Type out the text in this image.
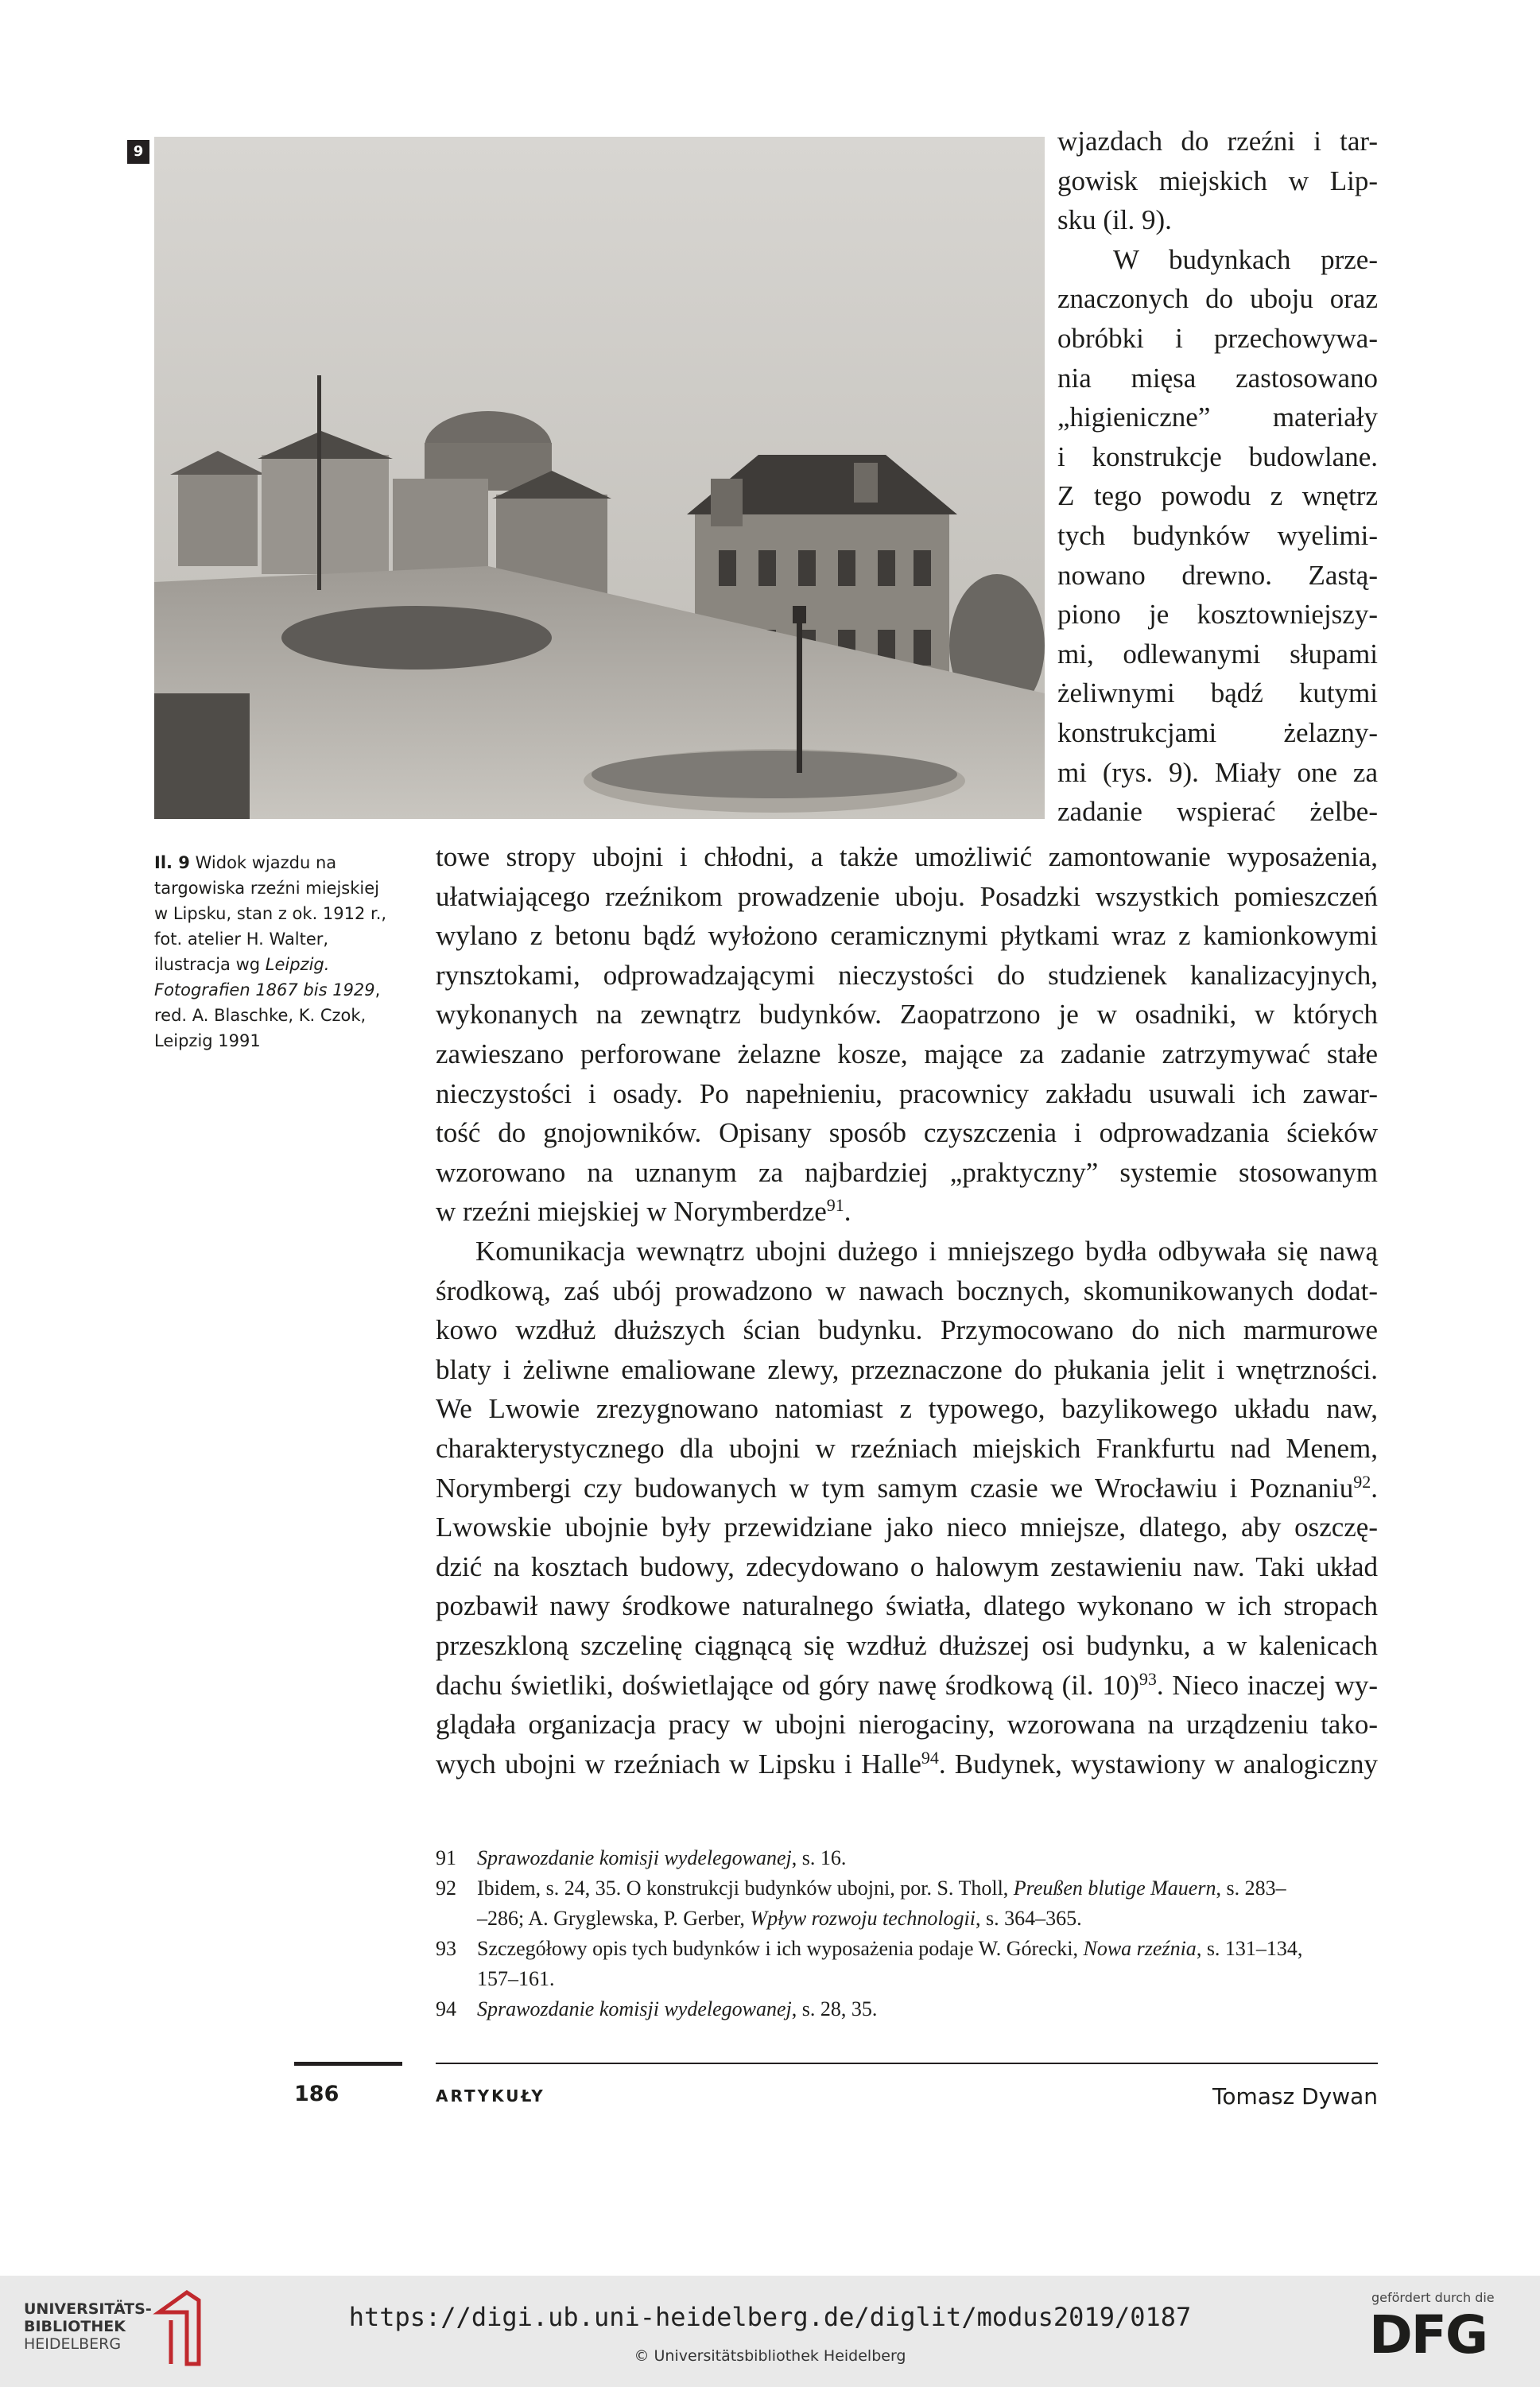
9
Il. 9 Widok wjazdu na targowiska rzeźni miejskiej w Lipsku, stan z ok. 1912 r., fot. atelier H. Walter, ilustracja wg Leipzig. Fotografien 1867 bis 1929, red. A. Blaschke, K. Czok, Leipzig 1991
wjazdach do rzeźni i tar-
gowisk miejskich w Lip-
sku (il. 9).
W budynkach prze-
znaczonych do uboju oraz
obróbki i przechowywa-
nia mięsa zastosowano
„higieniczne” materiały
i konstrukcje budowlane.
Z tego powodu z wnętrz
tych budynków wyelimi-
nowano drewno. Zastą-
piono je kosztowniejszy-
mi, odlewanymi słupami
żeliwnymi bądź kutymi
konstrukcjami żelazny-
mi (rys. 9). Miały one za
zadanie wspierać żelbe-
towe stropy ubojni i chłodni, a także umożliwić zamontowanie wyposażenia,
ułatwiającego rzeźnikom prowadzenie uboju. Posadzki wszystkich pomieszczeń
wylano z betonu bądź wyłożono ceramicznymi płytkami wraz z kamionkowymi
rynsztokami, odprowadzającymi nieczystości do studzienek kanalizacyjnych,
wykonanych na zewnątrz budynków. Zaopatrzono je w osadniki, w których
zawieszano perforowane żelazne kosze, mające za zadanie zatrzymywać stałe
nieczystości i osady. Po napełnieniu, pracownicy zakładu usuwali ich zawar-
tość do gnojowników. Opisany sposób czyszczenia i odprowadzania ścieków
wzorowano na uznanym za najbardziej „praktyczny” systemie stosowanym
w rzeźni miejskiej w Norymberdze$^{91}$.
Komunikacja wewnątrz ubojni dużego i mniejszego bydła odbywała się nawą
środkową, zaś ubój prowadzono w nawach bocznych, skomunikowanych dodat-
kowo wzdłuż dłuższych ścian budynku. Przymocowano do nich marmurowe
blaty i żeliwne emaliowane zlewy, przeznaczone do płukania jelit i wnętrzności.
We Lwowie zrezygnowano natomiast z typowego, bazylikowego układu naw,
charakterystycznego dla ubojni w rzeźniach miejskich Frankfurtu nad Menem,
Norymbergi czy budowanych w tym samym czasie we Wrocławiu i Poznaniu$^{92}$.
Lwowskie ubojnie były przewidziane jako nieco mniejsze, dlatego, aby oszczę-
dzić na kosztach budowy, zdecydowano o halowym zestawieniu naw. Taki układ
pozbawił nawy środkowe naturalnego światła, dlatego wykonano w ich stropach
przeszkloną szczelinę ciągnącą się wzdłuż dłuższej osi budynku, a w kalenicach
dachu świetliki, doświetlające od góry nawę środkową (il. 10)$^{93}$. Nieco inaczej wy-
glądała organizacja pracy w ubojni nierogaciny, wzorowana na urządzeniu tako-
wych ubojni w rzeźniach w Lipsku i Halle$^{94}$. Budynek, wystawiony w analogiczny
91 Sprawozdanie komisji wydelegowanej, s. 16.
92 Ibidem, s. 24, 35. O konstrukcji budynków ubojni, por. S. Tholl, Preußen blutige Mauern, s. 283–
–286; A. Gryglewska, P. Gerber, Wpływ rozwoju technologii, s. 364–365.
93 Szczegółowy opis tych budynków i ich wyposażenia podaje W. Górecki, Nowa rzeźnia, s. 131–134,
157–161.
94 Sprawozdanie komisji wydelegowanej, s. 28, 35.
186	ARTYKUŁY	Tomasz Dywan
UNIVERSITÄTS-
BIBLIOTHEK
HEIDELBERG
https://digi.ub.uni-heidelberg.de/diglit/modus2019/0187
© Universitätsbibliothek Heidelberg
gefördert durch die
DFG
